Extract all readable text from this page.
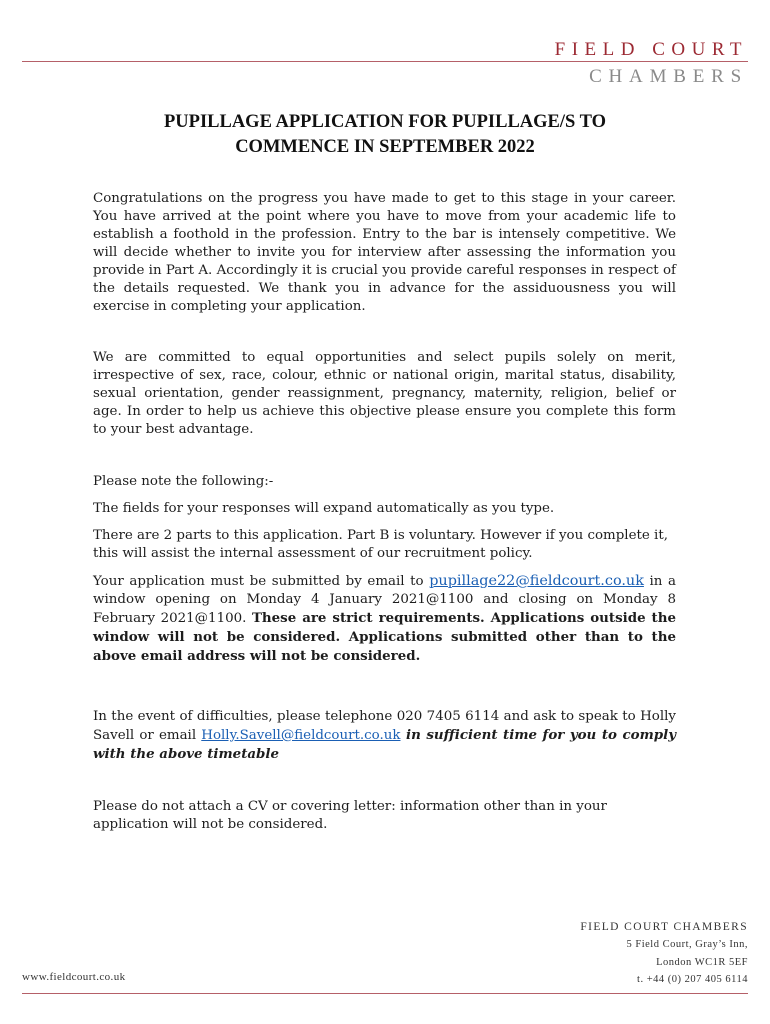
FIELD COURT
CHAMBERS
PUPILLAGE APPLICATION FOR PUPILLAGE/S TO
COMMENCE IN SEPTEMBER 2022
Congratulations on the progress you have made to get to this stage in your career. You have arrived at the point where you have to move from your academic life to establish a foothold in the profession. Entry to the bar is intensely competitive. We will decide whether to invite you for interview after assessing the information you provide in Part A. Accordingly it is crucial you provide careful responses in respect of the details requested. We thank you in advance for the assiduousness you will exercise in completing your application.
We are committed to equal opportunities and select pupils solely on merit, irrespective of sex, race, colour, ethnic or national origin, marital status, disability, sexual orientation, gender reassignment, pregnancy, maternity, religion, belief or age. In order to help us achieve this objective please ensure you complete this form to your best advantage.
Please note the following:-
The fields for your responses will expand automatically as you type.
There are 2 parts to this application. Part B is voluntary. However if you complete it, this will assist the internal assessment of our recruitment policy.
Your application must be submitted by email to pupillage22@fieldcourt.co.uk in a window opening on Monday 4 January 2021@1100 and closing on Monday 8 February 2021@1100. These are strict requirements. Applications outside the window will not be considered. Applications submitted other than to the above email address will not be considered.
In the event of difficulties, please telephone 020 7405 6114 and ask to speak to Holly Savell or email Holly.Savell@fieldcourt.co.uk in sufficient time for you to comply with the above timetable
Please do not attach a CV or covering letter: information other than in your application will not be considered.
FIELD COURT CHAMBERS
5 Field Court, Gray’s Inn,
London WC1R 5EF
t. +44 (0) 207 405 6114
www.fieldcourt.co.uk
